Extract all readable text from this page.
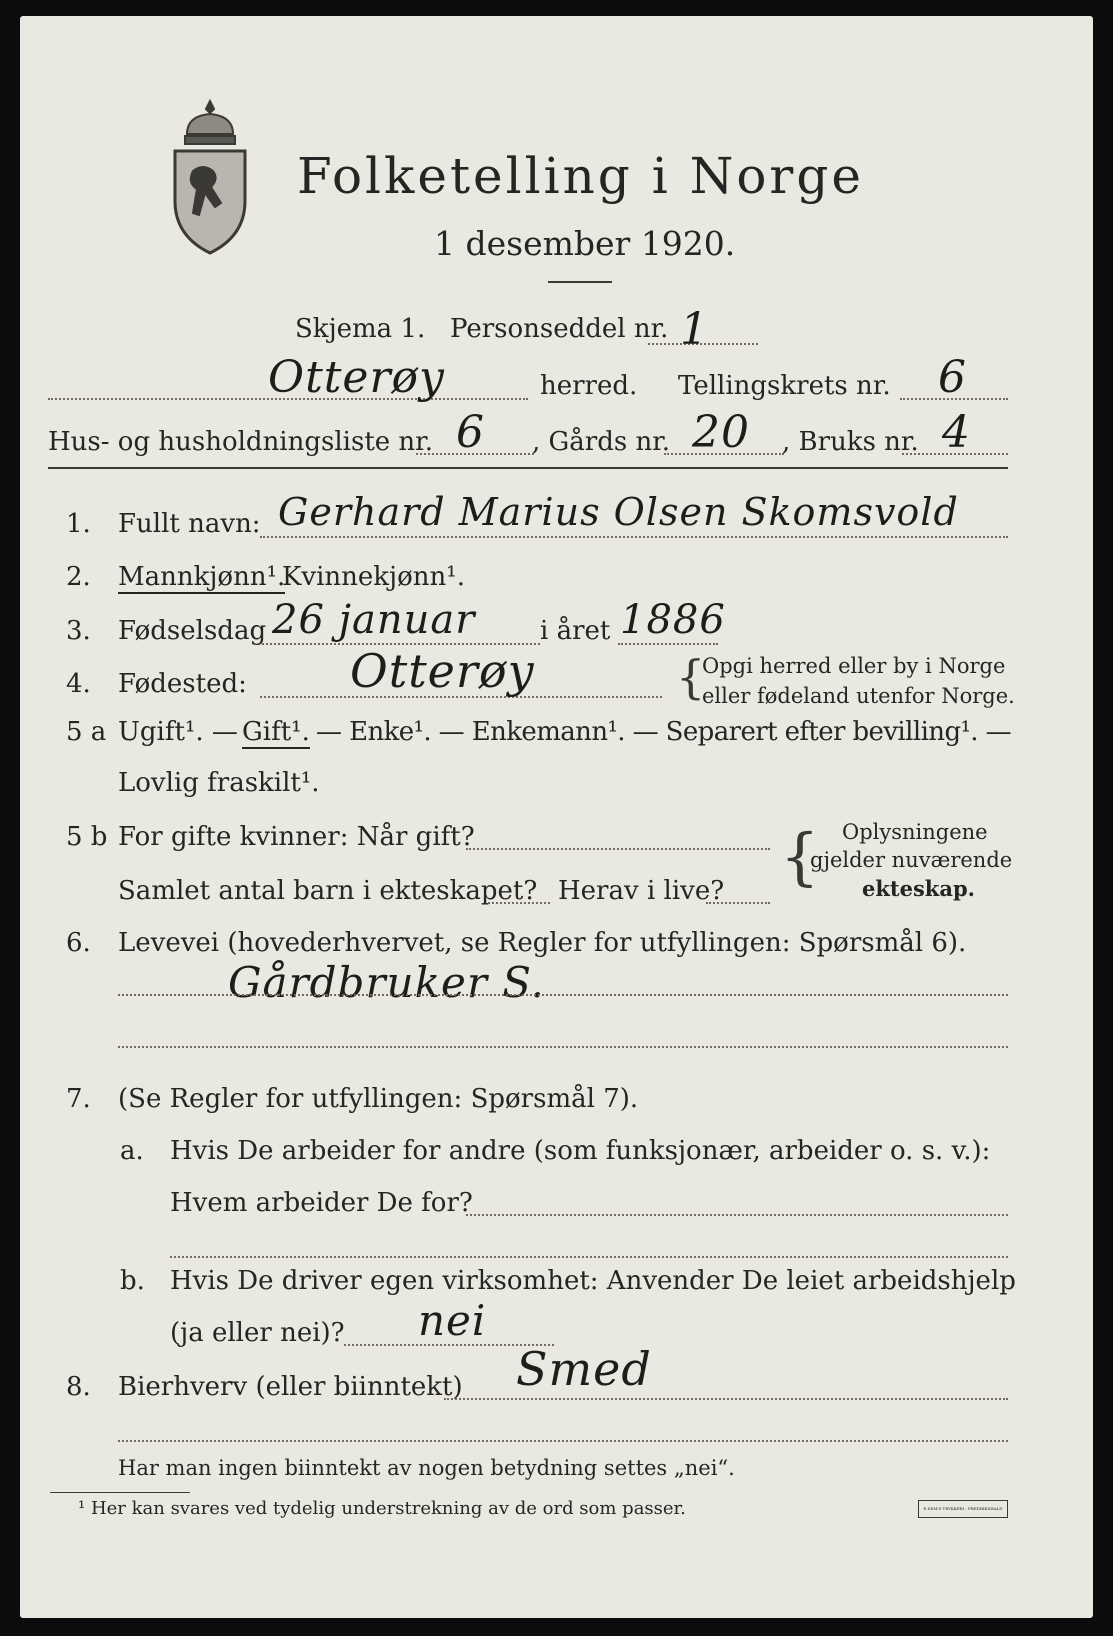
Folketelling i Norge
1 desember 1920.
Skjema 1. Personseddel nr. 1
Otterøy	herred. Tellingskrets nr. 6
Hus- og husholdningsliste nr. 6 , Gårds nr. 20 , Bruks nr. 4
1. Fullt navn: Gerhard Marius Olsen Skomsvold
2. Mannkjønn¹.
Kvinnekjønn¹.
3. Fødselsdag 26 januar i året 1886
4. Fødested: Otterøy	{
Opgi herred eller by i Norge
eller fødeland utenfor Norge.
5 a Ugift¹. — Gift¹. — Enke¹. — Enkemann¹. — Separert efter bevilling¹. —
Lovlig fraskilt¹.
5 b For gifte kvinner: Når gift?
Samlet antal barn i ekteskapet? Herav i live? { Oplysningene
gjelder nuværende
ekteskap.
6. Levevei (hovederhvervet, se Regler for utfyllingen: Spørsmål 6).
Gårdbruker S.
7. (Se Regler for utfyllingen: Spørsmål 7).
a. Hvis De arbeider for andre (som funksjonær, arbeider o. s. v.):
Hvem arbeider De for?
b. Hvis De driver egen virksomhet: Anvender De leiet arbeidshjelp
(ja eller nei)? nei
8. Bierhverv (eller biinntekt) Smed
Har man ingen biinntekt av nogen betydning settes „nei“.
¹ Her kan svares ved tydelig understrekning av de ord som passer.	E.SEM'S TRYKKERI · FREDRIKSHALD
